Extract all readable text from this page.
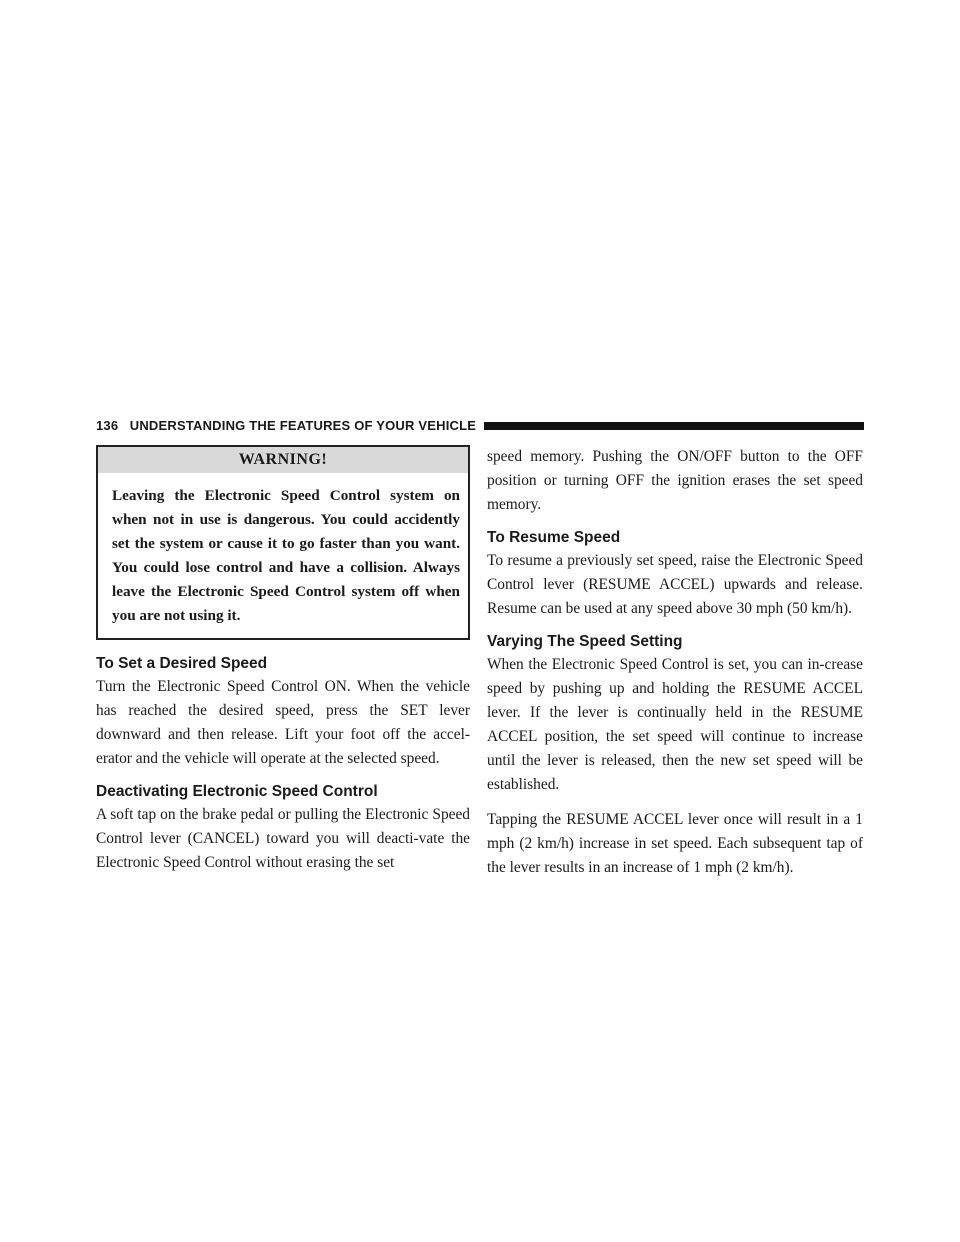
136 UNDERSTANDING THE FEATURES OF YOUR VEHICLE
WARNING!
Leaving the Electronic Speed Control system on when not in use is dangerous. You could accidently set the system or cause it to go faster than you want. You could lose control and have a collision. Always leave the Electronic Speed Control system off when you are not using it.
To Set a Desired Speed

Turn the Electronic Speed Control ON. When the vehicle has reached the desired speed, press the SET lever downward and then release. Lift your foot off the accel-erator and the vehicle will operate at the selected speed.

Deactivating Electronic Speed Control

A soft tap on the brake pedal or pulling the Electronic Speed Control lever (CANCEL) toward you will deacti-vate the Electronic Speed Control without erasing the set

speed memory. Pushing the ON/OFF button to the OFF position or turning OFF the ignition erases the set speed memory.

To Resume Speed

To resume a previously set speed, raise the Electronic Speed Control lever (RESUME ACCEL) upwards and release. Resume can be used at any speed above 30 mph (50 km/h).

Varying The Speed Setting

When the Electronic Speed Control is set, you can in-crease speed by pushing up and holding the RESUME ACCEL lever. If the lever is continually held in the RESUME ACCEL position, the set speed will continue to increase until the lever is released, then the new set speed will be established.

Tapping the RESUME ACCEL lever once will result in a 1 mph (2 km/h) increase in set speed. Each subsequent tap of the lever results in an increase of 1 mph (2 km/h).
